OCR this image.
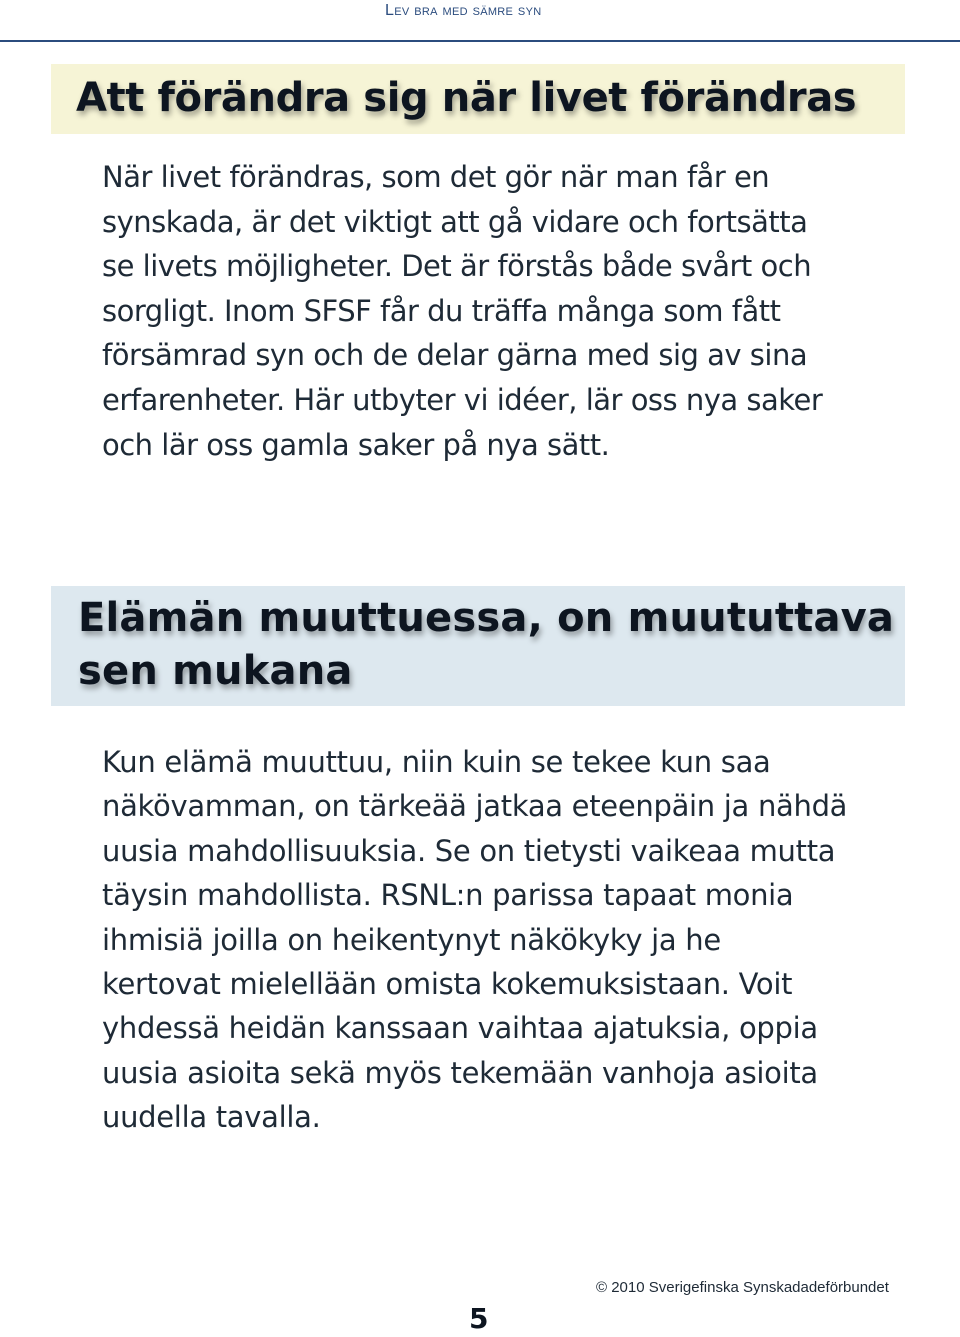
Lev bra med sämre syn
Att förändra sig när livet förändras

När livet förändras, som det gör när man får en
synskada, är det viktigt att gå vidare och fortsätta
se livets möjligheter. Det är förstås både svårt och
sorgligt. Inom SFSF får du träffa många som fått
försämrad syn och de delar gärna med sig av sina
erfarenheter. Här utbyter vi idéer, lär oss nya saker
och lär oss gamla saker på nya sätt.

Elämän muuttuessa, on muututtava sen mukana

Kun elämä muuttuu, niin kuin se tekee kun saa
näkövamman, on tärkeää jatkaa eteenpäin ja nähdä
uusia mahdollisuuksia. Se on tietysti vaikeaa mutta
täysin mahdollista. RSNL:n parissa tapaat monia
ihmisiä joilla on heikentynyt näkökyky ja he
kertovat mielellään omista kokemuksistaan. Voit
yhdessä heidän kanssaan vaihtaa ajatuksia, oppia
uusia asioita sekä myös tekemään vanhoja asioita
uudella tavalla.

© 2010 Sverigefinska Synskadadeförbundet
5
